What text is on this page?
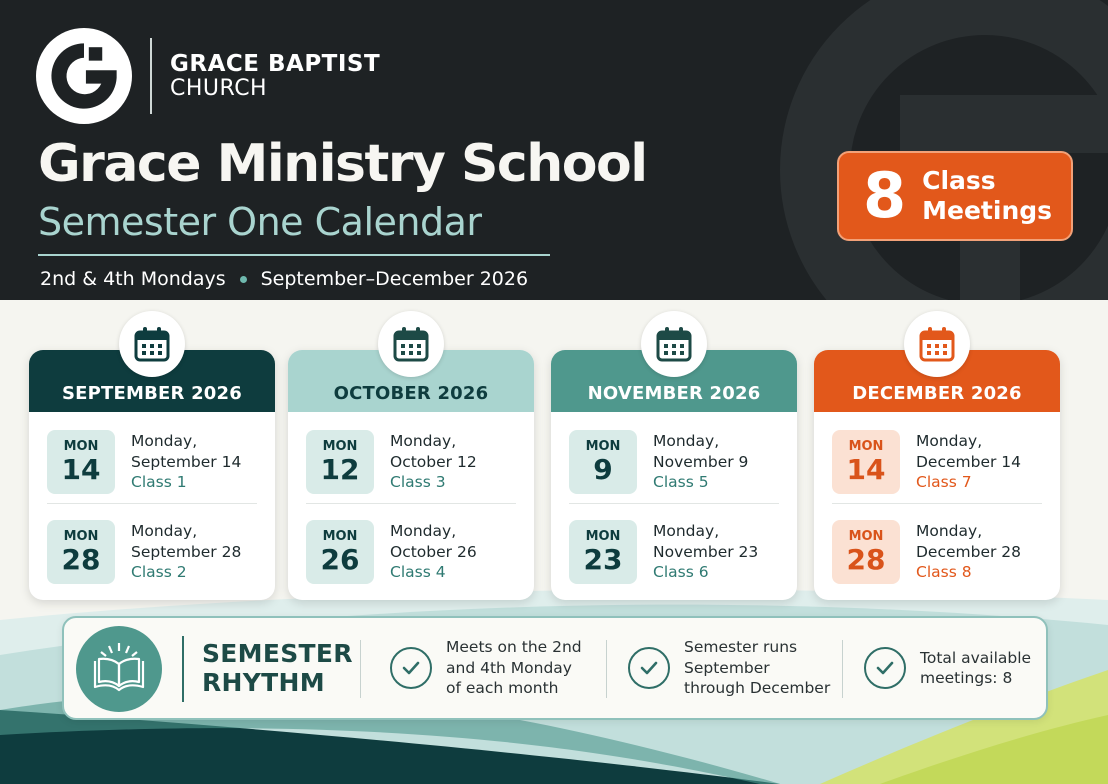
GRACE BAPTIST
CHURCH
Grace Ministry School
Semester One Calendar
2nd & 4th Mondays September–December 2026
8 Class
Meetings
SEPTEMBER 2026
MON
14
Monday,
September 14
Class 1
MON
28
Monday,
September 28
Class 2
OCTOBER 2026
MON
12
Monday,
October 12
Class 3
MON
26
Monday,
October 26
Class 4
NOVEMBER 2026
MON
9
Monday,
November 9
Class 5
MON
23
Monday,
November 23
Class 6
DECEMBER 2026
MON
14
Monday,
December 14
Class 7
MON
28
Monday,
December 28
Class 8
SEMESTER
RHYTHM
Meets on the 2nd
and 4th Monday
of each month
Semester runs
September
through December
Total available
meetings: 8
